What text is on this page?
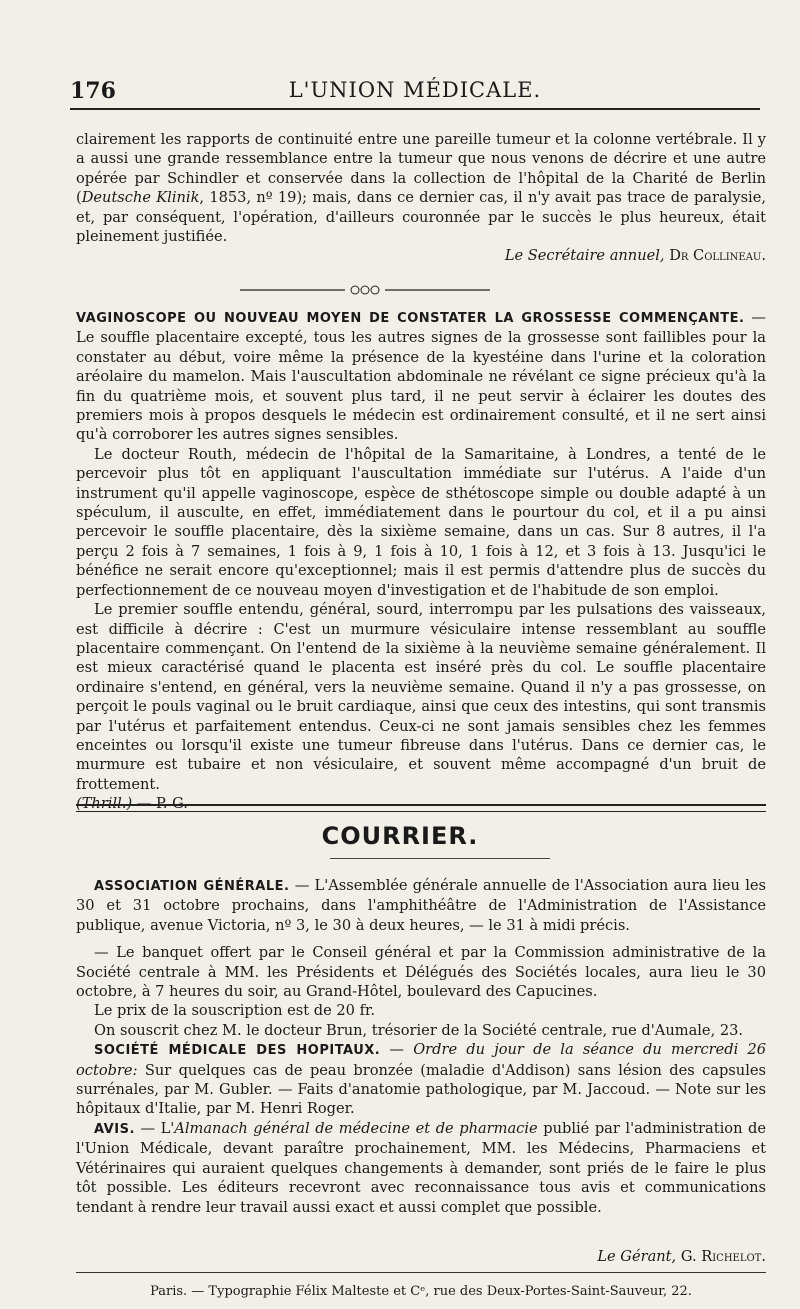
176	L'UNION MÉDICALE.

clairement les rapports de continuité entre une pareille tumeur et la colonne vertébrale. Il y a aussi une grande ressemblance entre la tumeur que nous venons de décrire et une autre opérée par Schindler et conservée dans la collection de l'hôpital de la Charité de Berlin (Deutsche Klinik, 1853, nº 19); mais, dans ce dernier cas, il n'y avait pas trace de paralysie, et, par conséquent, l'opération, d'ailleurs couronnée par le succès le plus heureux, était pleinement justifiée.

Le Secrétaire annuel, Dr Collineau.

VAGINOSCOPE OU NOUVEAU MOYEN DE CONSTATER LA GROSSESSE COMMENÇANTE. — Le souffle placentaire excepté, tous les autres signes de la grossesse sont faillibles pour la constater au début, voire même la présence de la kyestéine dans l'urine et la coloration aréolaire du mamelon. Mais l'auscultation abdominale ne révélant ce signe précieux qu'à la fin du quatrième mois, et souvent plus tard, il ne peut servir à éclairer les doutes des premiers mois à propos desquels le médecin est ordinairement consulté, et il ne sert ainsi qu'à corroborer les autres signes sensibles.

Le docteur Routh, médecin de l'hôpital de la Samaritaine, à Londres, a tenté de le percevoir plus tôt en appliquant l'auscultation immédiate sur l'utérus. A l'aide d'un instrument qu'il appelle vaginoscope, espèce de sthétoscope simple ou double adapté à un spéculum, il ausculte, en effet, immédiatement dans le pourtour du col, et il a pu ainsi percevoir le souffle placentaire, dès la sixième semaine, dans un cas. Sur 8 autres, il l'a perçu 2 fois à 7 semaines, 1 fois à 9, 1 fois à 10, 1 fois à 12, et 3 fois à 13. Jusqu'ici le bénéfice ne serait encore qu'exceptionnel; mais il est permis d'attendre plus de succès du perfectionnement de ce nouveau moyen d'investigation et de l'habitude de son emploi.

Le premier souffle entendu, général, sourd, interrompu par les pulsations des vaisseaux, est difficile à décrire : C'est un murmure vésiculaire intense ressemblant au souffle placentaire commençant. On l'entend de la sixième à la neuvième semaine généralement. Il est mieux caractérisé quand le placenta est inséré près du col. Le souffle placentaire ordinaire s'entend, en général, vers la neuvième semaine. Quand il n'y a pas grossesse, on perçoit le pouls vaginal ou le bruit cardiaque, ainsi que ceux des intestins, qui sont transmis par l'utérus et parfaitement entendus. Ceux-ci ne sont jamais sensibles chez les femmes enceintes ou lorsqu'il existe une tumeur fibreuse dans l'utérus. Dans ce dernier cas, le murmure est tubaire et non vésiculaire, et souvent même accompagné d'un bruit de frottement.

(Thrill.) — P. G.

COURRIER.

ASSOCIATION GÉNÉRALE. — L'Assemblée générale annuelle de l'Association aura lieu les 30 et 31 octobre prochains, dans l'amphithéâtre de l'Administration de l'Assistance publique, avenue Victoria, nº 3, le 30 à deux heures, — le 31 à midi précis.

— Le banquet offert par le Conseil général et par la Commission administrative de la Société centrale à MM. les Présidents et Délégués des Sociétés locales, aura lieu le 30 octobre, à 7 heures du soir, au Grand-Hôtel, boulevard des Capucines.

Le prix de la souscription est de 20 fr.

On souscrit chez M. le docteur Brun, trésorier de la Société centrale, rue d'Aumale, 23.

SOCIÉTÉ MÉDICALE DES HOPITAUX. — Ordre du jour de la séance du mercredi 26 octobre: Sur quelques cas de peau bronzée (maladie d'Addison) sans lésion des capsules surrénales, par M. Gubler. — Faits d'anatomie pathologique, par M. Jaccoud. — Note sur les hôpitaux d'Italie, par M. Henri Roger.

AVIS. — L'Almanach général de médecine et de pharmacie publié par l'administration de l'Union Médicale, devant paraître prochainement, MM. les Médecins, Pharmaciens et Vétérinaires qui auraient quelques changements à demander, sont priés de le faire le plus tôt possible. Les éditeurs recevront avec reconnaissance tous avis et communications tendant à rendre leur travail aussi exact et aussi complet que possible.

Le Gérant, G. Richelot.
Paris. — Typographie Félix Malteste et Cᵉ, rue des Deux-Portes-Saint-Sauveur, 22.
